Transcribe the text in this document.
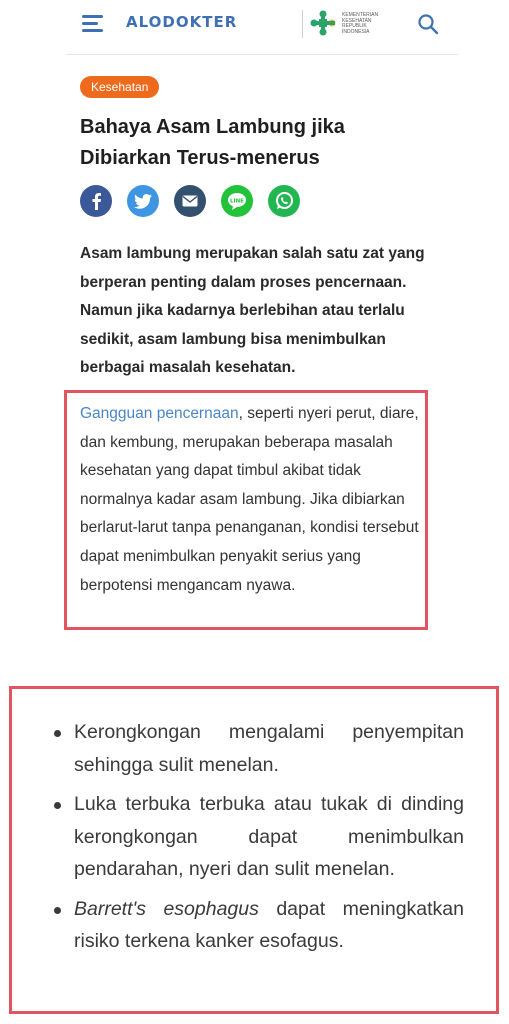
ALODOKTER	KEMENTERIAN
KESEHATAN
REPUBLIK
INDONESIA
Kesehatan
Bahaya Asam Lambung jika Dibiarkan Terus-menerus
LINE
Asam lambung merupakan salah satu zat yang berperan penting dalam proses pencernaan. Namun jika kadarnya berlebihan atau terlalu sedikit, asam lambung bisa menimbulkan berbagai masalah kesehatan.
Gangguan pencernaan, seperti nyeri perut, diare, dan kembung, merupakan beberapa masalah kesehatan yang dapat timbul akibat tidak normalnya kadar asam lambung. Jika dibiarkan berlarut-larut tanpa penanganan, kondisi tersebut dapat menimbulkan penyakit serius yang berpotensi mengancam nyawa.
Kerongkongan mengalami penyempitan sehingga sulit menelan.
Luka terbuka terbuka atau tukak di dinding kerongkongan dapat menimbulkan pendarahan, nyeri dan sulit menelan.
Barrett's esophagus dapat meningkatkan risiko terkena kanker esofagus.
